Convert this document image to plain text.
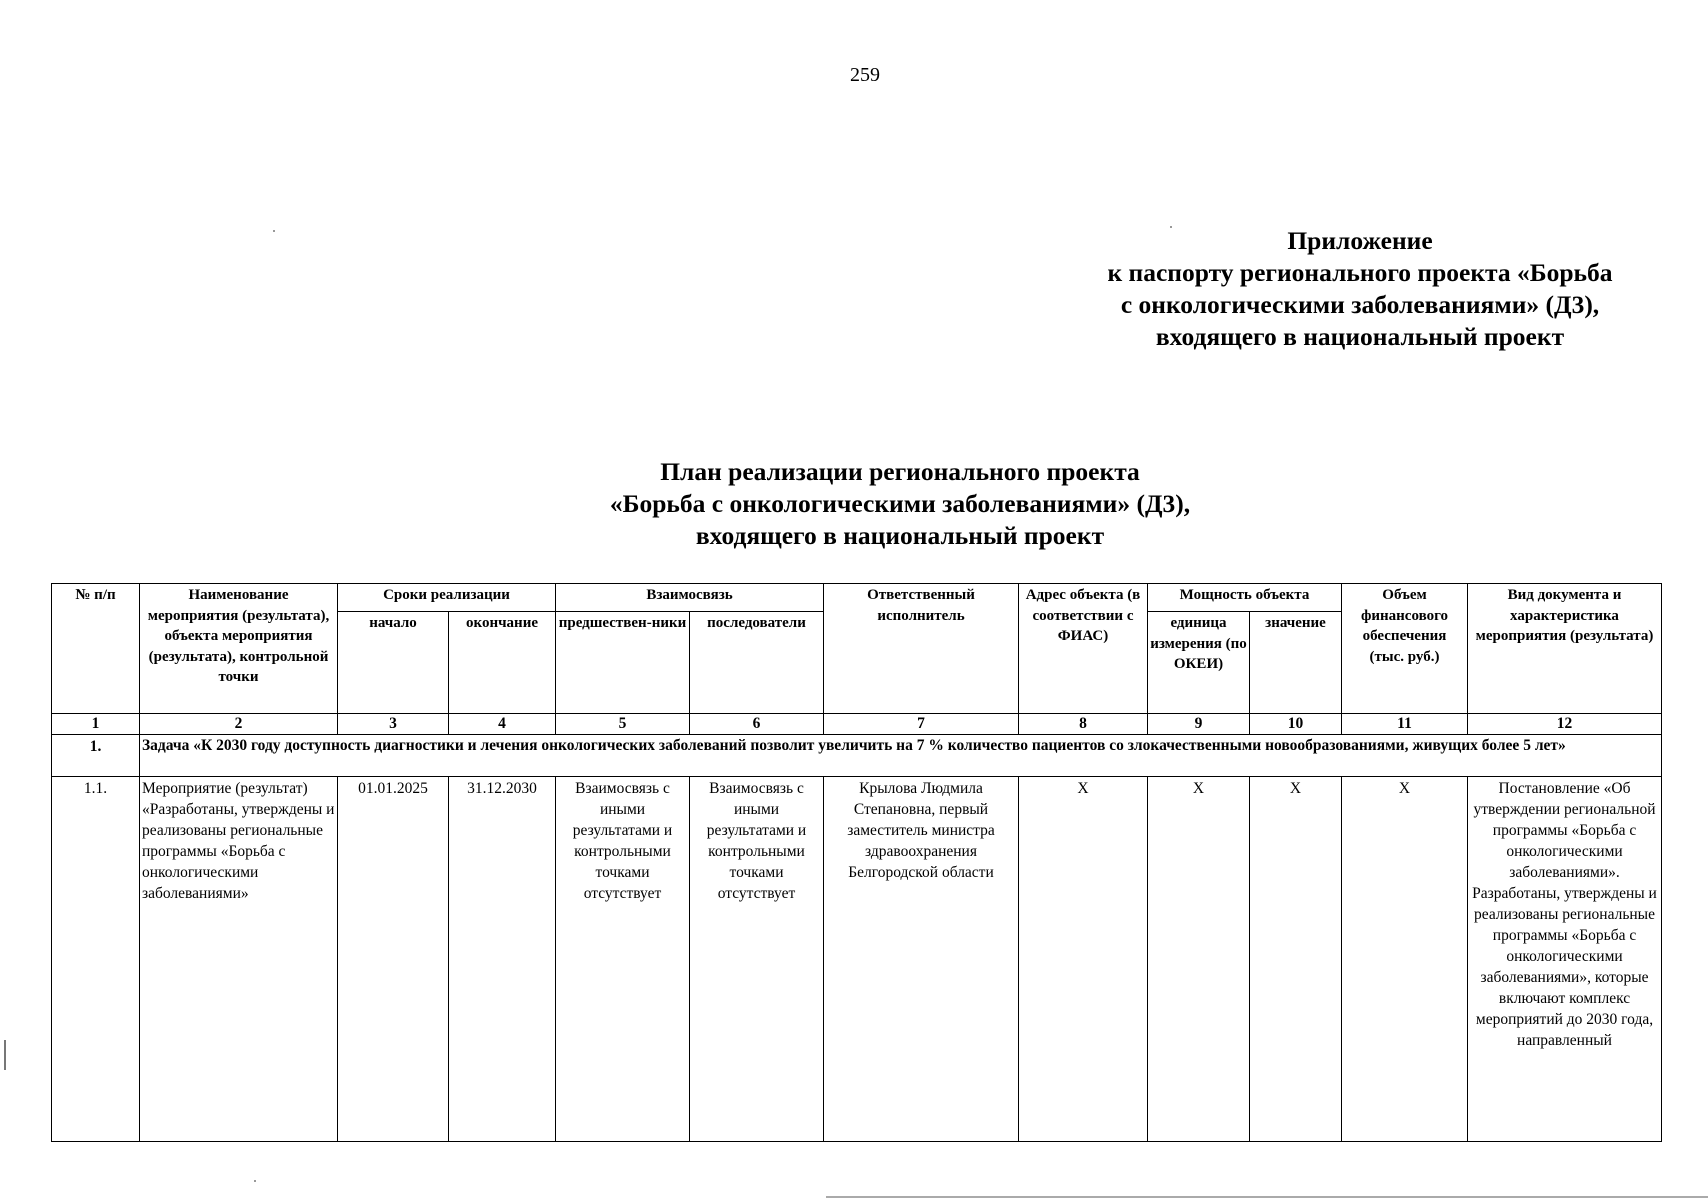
259
Приложение
к паспорту регионального проекта «Борьба
с онкологическими заболеваниями» (Д3),
входящего в национальный проект
План реализации регионального проекта
«Борьба с онкологическими заболеваниями» (Д3),
входящего в национальный проект
№ п/п	Наименование мероприятия (результата), объекта мероприятия (результата), контрольной точки	Сроки реализации		Взаимосвязь		Ответственный исполнитель	Адрес объекта (в соответствии с ФИАС)	Мощность объекта		Объем финансового обеспечения (тыс. руб.)	Вид документа и характеристика мероприятия (результата)
		начало	окончание	предшествен-ники	последователи			единица измерения (по ОКЕИ)	значение		
1	2	3	4	5	6	7	8	9	10	11	12
1.	Задача «К 2030 году доступность диагностики и лечения онкологических заболеваний позволит увеличить на 7 % количество пациентов со злокачественными новообразованиями, живущих более 5 лет»										
1.1.	Мероприятие (результат) «Разработаны, утверждены и реализованы региональные программы «Борьба с онкологическими заболеваниями»	01.01.2025	31.12.2030	Взаимосвязь с иными результатами и контрольными точками отсутствует	Взаимосвязь с иными результатами и контрольными точками отсутствует	Крылова Людмила Степановна, первый заместитель министра здравоохранения Белгородской области	Х	Х	Х	Х	Постановление «Об утверждении региональной программы «Борьба с онкологическими заболеваниями». Разработаны, утверждены и реализованы региональные программы «Борьба с онкологическими заболеваниями», которые включают комплекс мероприятий до 2030 года, направленный
